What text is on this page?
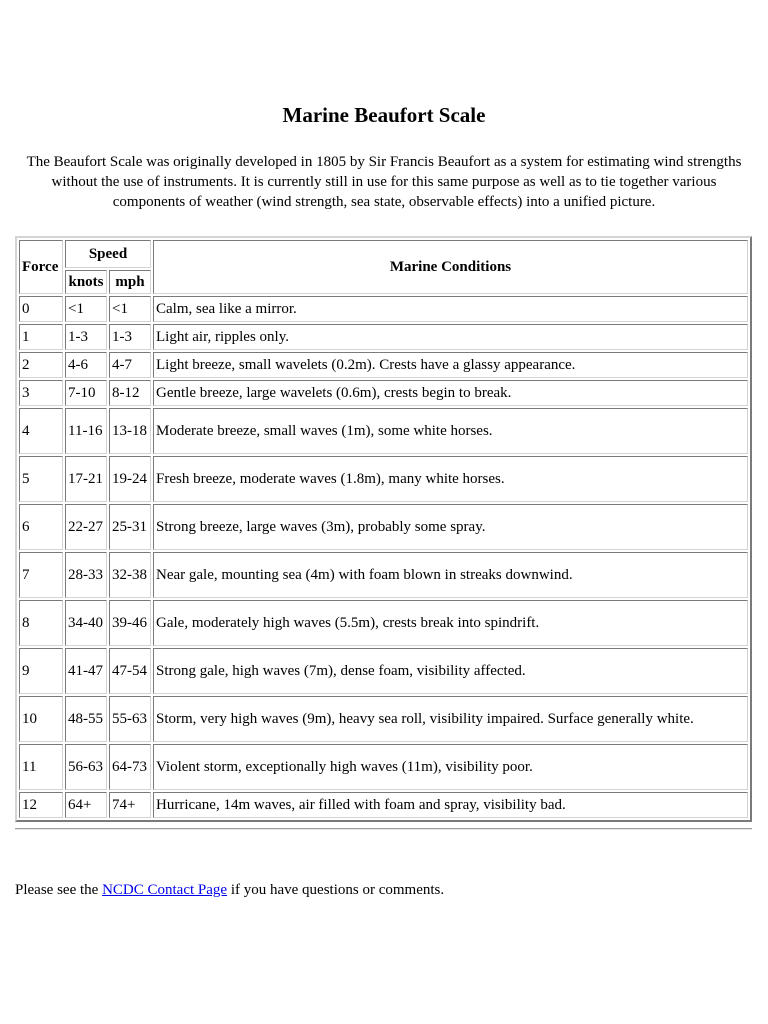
Marine Beaufort Scale

The Beaufort Scale was originally developed in 1805 by Sir Francis Beaufort as a system for estimating wind strengths without the use of instruments. It is currently still in use for this same purpose as well as to tie together various components of weather (wind strength, sea state, observable effects) into a unified picture.

Force	Speed		Marine Conditions
	knots	mph	
0	<1	<1	Calm, sea like a mirror.
1	1-3	1-3	Light air, ripples only.
2	4-6	4-7	Light breeze, small wavelets (0.2m). Crests have a glassy appearance.
3	7-10	8-12	Gentle breeze, large wavelets (0.6m), crests begin to break.
4	11-16	13-18	Moderate breeze, small waves (1m), some white horses.
5	17-21	19-24	Fresh breeze, moderate waves (1.8m), many white horses.
6	22-27	25-31	Strong breeze, large waves (3m), probably some spray.
7	28-33	32-38	Near gale, mounting sea (4m) with foam blown in streaks downwind.
8	34-40	39-46	Gale, moderately high waves (5.5m), crests break into spindrift.
9	41-47	47-54	Strong gale, high waves (7m), dense foam, visibility affected.
10	48-55	55-63	Storm, very high waves (9m), heavy sea roll, visibility impaired. Surface generally white.
11	56-63	64-73	Violent storm, exceptionally high waves (11m), visibility poor.
12	64+	74+	Hurricane, 14m waves, air filled with foam and spray, visibility bad.

Please see the NCDC Contact Page if you have questions or comments.
